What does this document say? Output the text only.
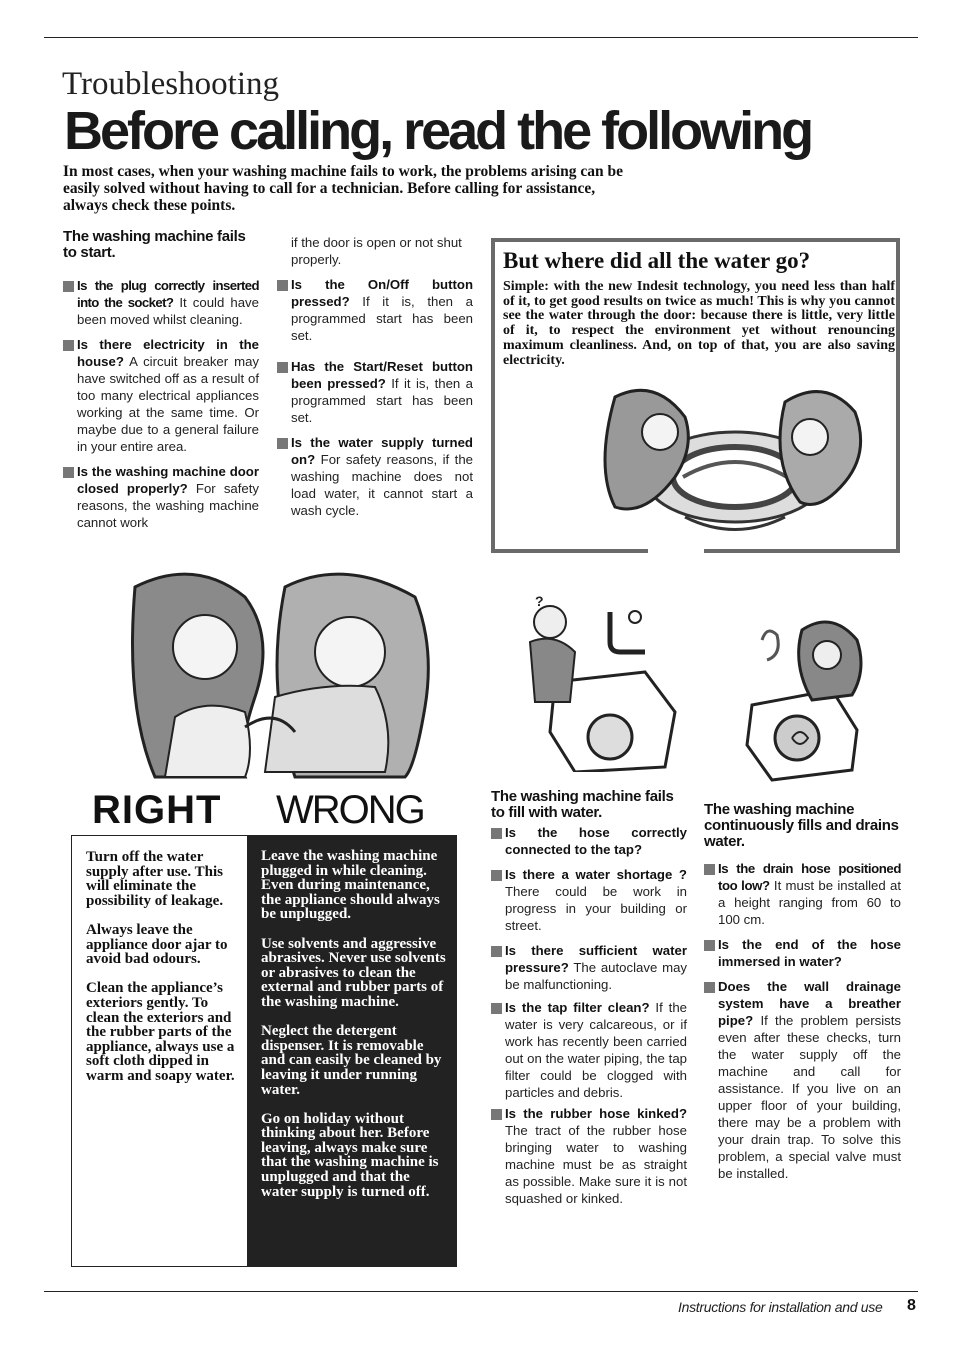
Troubleshooting
Before calling, read the following
In most cases, when your washing machine fails to work, the problems arising can be easily solved without having to call for a technician. Before calling for assistance, always check these points.
The washing machine fails to start.
Is the plug correctly inserted into the socket? It could have been moved whilst cleaning.
Is there electricity in the house? A circuit breaker may have switched off as a result of too many electrical appliances working at the same time. Or maybe due to a general failure in your entire area.
Is the washing machine door closed properly? For safety reasons, the washing machine cannot work
if the door is open or not shut properly.
Is the On/Off button pressed? If it is, then a programmed start has been set.
Has the Start/Reset button been pressed? If it is, then a programmed start has been set.
Is the water supply turned on? For safety reasons, if the washing machine does not load water, it cannot start a wash cycle.
But where did all the water go?
Simple: with the new Indesit technology, you need less than half of it, to get good results on twice as much! This is why you cannot see the water through the door: because there is little, very little of it, to respect the environment yet without renouncing maximum cleanliness. And, on top of that, you are also saving electricity.
RIGHT WRONG

Turn off the water supply after use. This will eliminate the possibility of leakage.

Always leave the appliance door ajar to avoid bad odours.

Clean the appliance’s exteriors gently. To clean the exteriors and the rubber parts of the appliance, always use a soft cloth dipped in warm and soapy water.

Leave the washing machine plugged in while cleaning. Even during maintenance, the appliance should always be unplugged.

Use solvents and aggressive abrasives. Never use solvents or abrasives to clean the external and rubber parts of the washing machine.

Neglect the detergent dispenser. It is removable and can easily be cleaned by leaving it under running water.

Go on holiday without thinking about her. Before leaving, always make sure that the washing machine is unplugged and that the water supply is turned off.

?
The washing machine fails to fill with water.
Is the hose correctly connected to the tap?
Is there a water shortage ? There could be work in progress in your building or street.
Is there sufficient water pressure? The autoclave may be malfunctioning.
Is the tap filter clean? If the water is very calcareous, or if work has recently been carried out on the water piping, the tap filter could be clogged with particles and debris.
Is the rubber hose kinked? The tract of the rubber hose bringing water to washing machine must be as straight as possible. Make sure it is not squashed or kinked.
The washing machine continuously fills and drains water.
Is the drain hose positioned too low? It must be installed at a height ranging from 60 to 100 cm.
Is the end of the hose immersed in water?
Does the wall drainage system have a breather pipe? If the problem persists even after these checks, turn the water supply off the machine and call for assistance. If you live on an upper floor of your building, there may be a problem with your drain trap. To solve this problem, a special valve must be installed.
Instructions for installation and use 8
